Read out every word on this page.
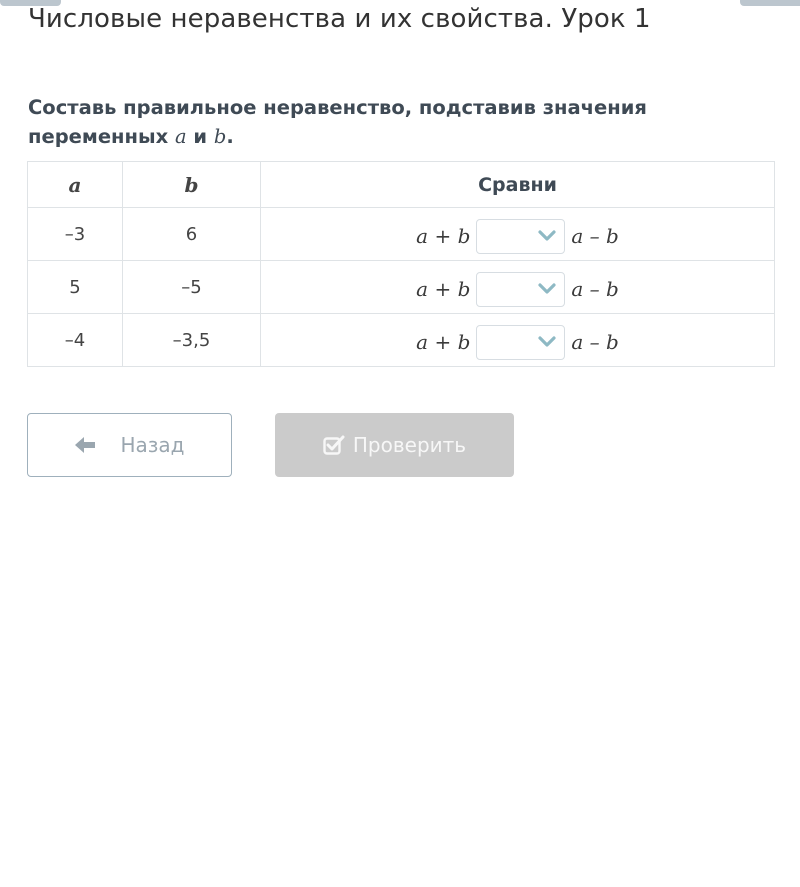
Числовые неравенства и их свойства. Урок 1
Составь правильное неравенство, подставив значения переменных a и b.
a	b	Сравни
–3	6	a + b a – b

5	–5	a + b a – b

–4	–3,5	a + b a – b
Назад	Проверить
